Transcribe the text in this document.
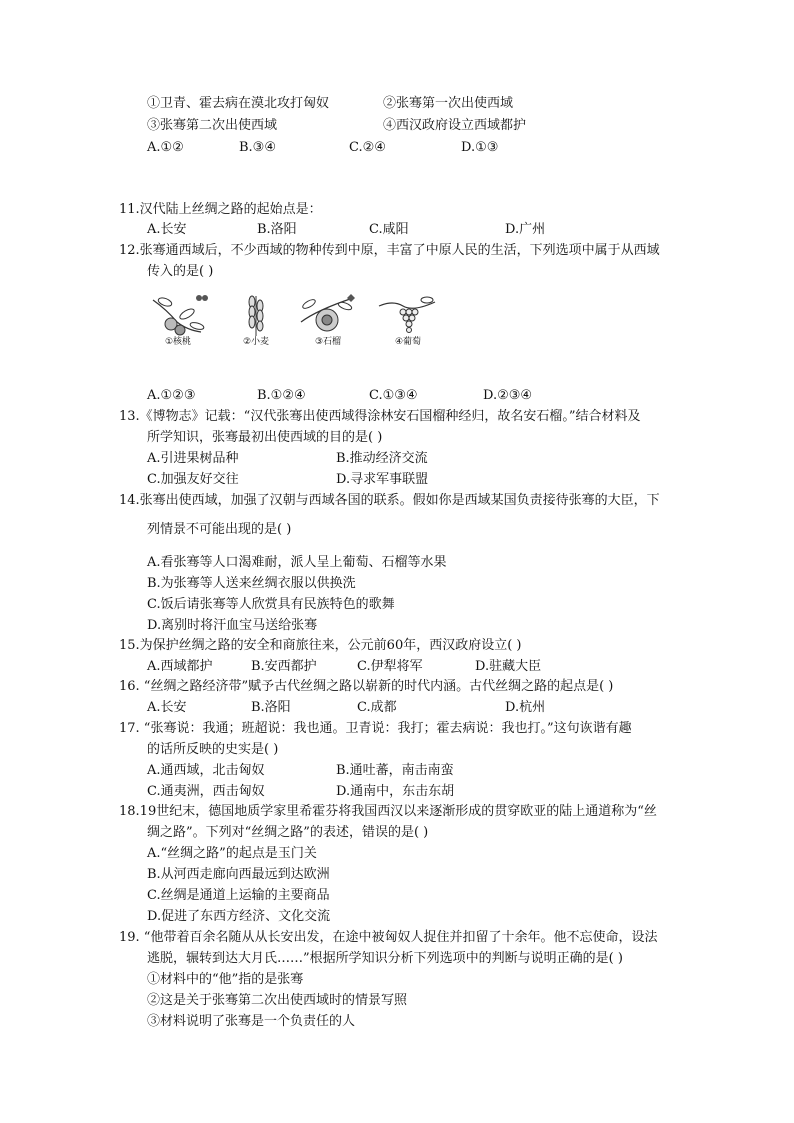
①卫青、霍去病在漠北攻打匈奴	②张骞第一次出使西域
③张骞第二次出使西域	④西汉政府设立西域都护
A.①②	B.③④	C.②④	D.①③
11.汉代陆上丝绸之路的起始点是：
A.长安	B.洛阳	C.咸阳	D.广州
12.张骞通西域后，不少西域的物种传到中原，丰富了中原人民的生活，下列选项中属于从西域
传入的是( )
①核桃	②小麦	③石榴	④葡萄
A.①②③	B.①②④	C.①③④	D.②③④
13.《博物志》记载：“汉代张骞出使西域得涂林安石国榴种经归，故名安石榴。”结合材料及
所学知识，张骞最初出使西域的目的是( )
A.引进果树品种	B.推动经济交流
C.加强友好交往	D.寻求军事联盟
14.张骞出使西域，加强了汉朝与西域各国的联系。假如你是西域某国负责接待张骞的大臣，下
列情景不可能出现的是( )
A.看张骞等人口渴难耐，派人呈上葡萄、石榴等水果
B.为张骞等人送来丝绸衣服以供换洗
C.饭后请张骞等人欣赏具有民族特色的歌舞
D.离别时将汗血宝马送给张骞
15.为保护丝绸之路的安全和商旅往来，公元前60年，西汉政府设立( )
A.西域都护	B.安西都护	C.伊犁将军	D.驻藏大臣
16. “丝绸之路经济带”赋予古代丝绸之路以崭新的时代内涵。古代丝绸之路的起点是( )
A.长安	B.洛阳	C.成都	D.杭州
17. “张骞说：我通；班超说：我也通。卫青说：我打；霍去病说：我也打。”这句诙谐有趣
的话所反映的史实是( )
A.通西域，北击匈奴	B.通吐蕃，南击南蛮
C.通夷洲，西击匈奴	D.通南中，东击东胡
18.19世纪末，德国地质学家里希霍芬将我国西汉以来逐渐形成的贯穿欧亚的陆上通道称为“丝
绸之路”。下列对“丝绸之路”的表述，错误的是( )
A.“丝绸之路”的起点是玉门关
B.从河西走廊向西最远到达欧洲
C.丝绸是通道上运输的主要商品
D.促进了东西方经济、文化交流
19. “他带着百余名随从从长安出发，在途中被匈奴人捉住并扣留了十余年。他不忘使命，设法
逃脱，辗转到达大月氏……”根据所学知识分析下列选项中的判断与说明正确的是( )
①材料中的“他”指的是张骞
②这是关于张骞第二次出使西域时的情景写照
③材料说明了张骞是一个负责任的人
